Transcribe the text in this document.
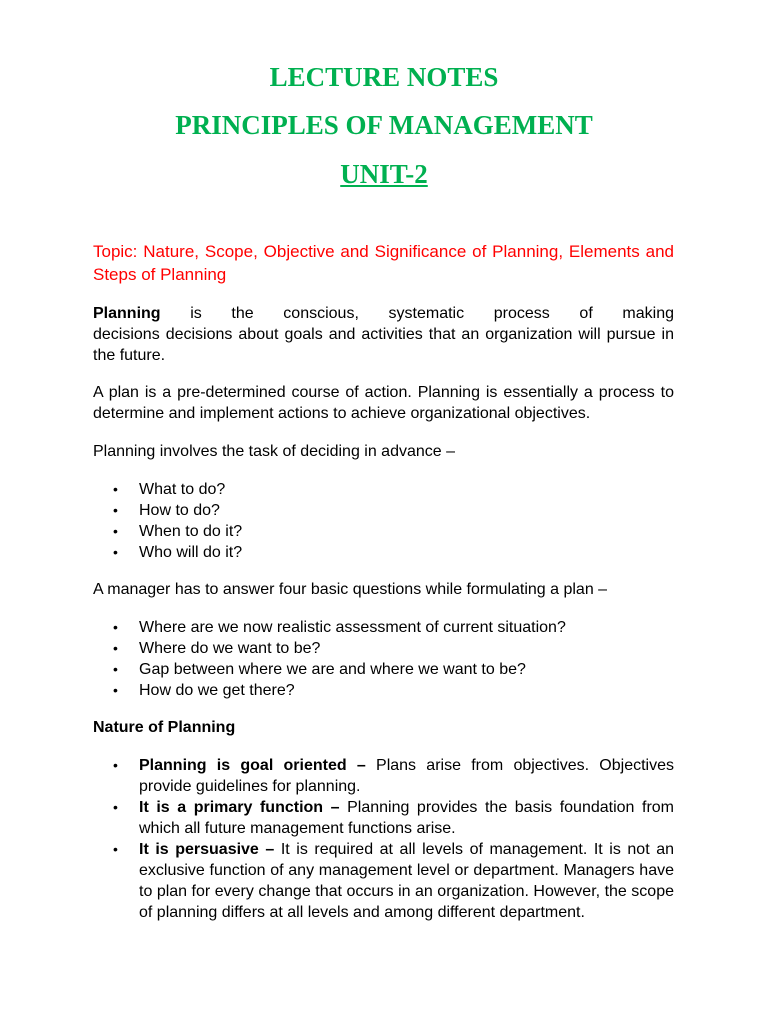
LECTURE NOTES
PRINCIPLES OF MANAGEMENT
UNIT-2

Topic: Nature, Scope, Objective and Significance of Planning, Elements and Steps of Planning

Planning is the conscious, systematic process of making

decisions decisions about goals and activities that an organization will pursue in the future.

A plan is a pre-determined course of action. Planning is essentially a process to determine and implement actions to achieve organizational objectives.

Planning involves the task of deciding in advance –

• What to do?
• How to do?
• When to do it?
• Who will do it?

A manager has to answer four basic questions while formulating a plan –

• Where are we now realistic assessment of current situation?
• Where do we want to be?
• Gap between where we are and where we want to be?
• How do we get there?

Nature of Planning

• Planning is goal oriented – Plans arise from objectives. Objectives provide guidelines for planning.
• It is a primary function – Planning provides the basis foundation from which all future management functions arise.
• It is persuasive – It is required at all levels of management. It is not an exclusive function of any management level or department. Managers have to plan for every change that occurs in an organization. However, the scope of planning differs at all levels and among different department.
